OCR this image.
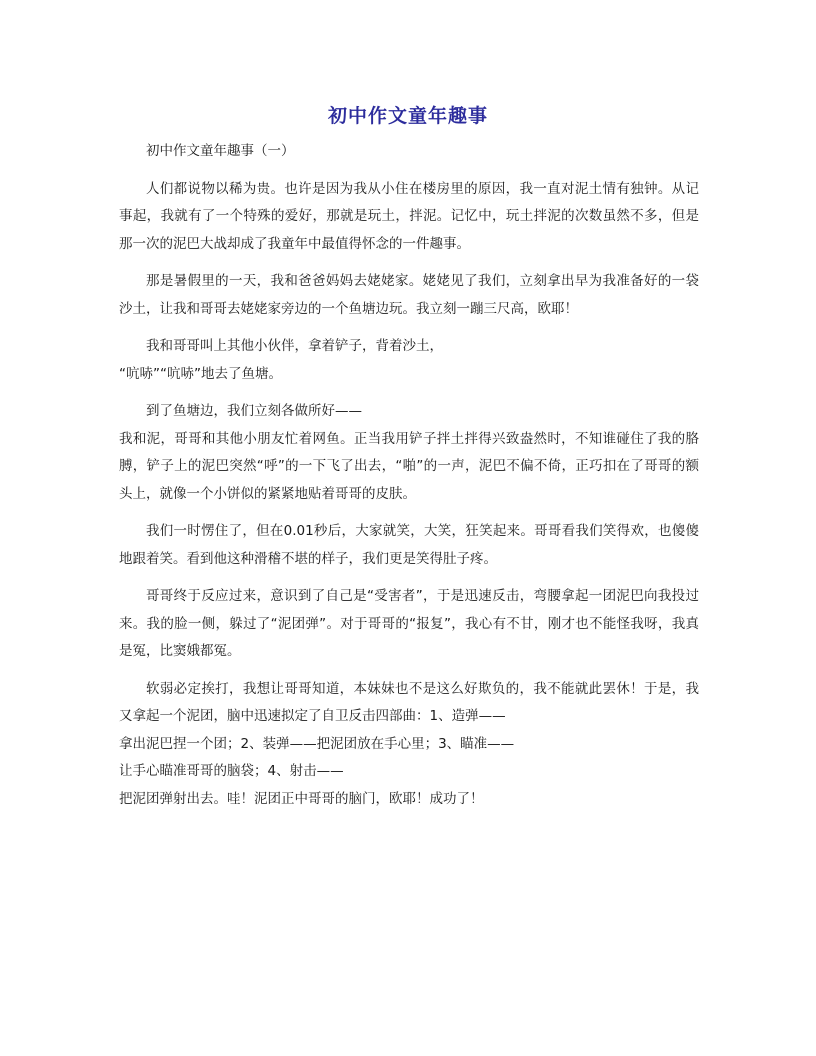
初中作文童年趣事

初中作文童年趣事（一）

人们都说物以稀为贵。也许是因为我从小住在楼房里的原因，我一直对泥土情有独钟。从记事起，我就有了一个特殊的爱好，那就是玩土，拌泥。记忆中，玩土拌泥的次数虽然不多，但是那一次的泥巴大战却成了我童年中最值得怀念的一件趣事。

那是暑假里的一天，我和爸爸妈妈去姥姥家。姥姥见了我们，立刻拿出早为我准备好的一袋沙土，让我和哥哥去姥姥家旁边的一个鱼塘边玩。我立刻一蹦三尺高，欧耶！

我和哥哥叫上其他小伙伴，拿着铲子，背着沙土，

“吭哧”“吭哧”地去了鱼塘。

到了鱼塘边，我们立刻各做所好——

我和泥，哥哥和其他小朋友忙着网鱼。正当我用铲子拌土拌得兴致盎然时，不知谁碰住了我的胳膊，铲子上的泥巴突然“呼”的一下飞了出去，“啪”的一声，泥巴不偏不倚，正巧扣在了哥哥的额头上，就像一个小饼似的紧紧地贴着哥哥的皮肤。

我们一时愣住了，但在0.01秒后，大家就笑，大笑，狂笑起来。哥哥看我们笑得欢，也傻傻地跟着笑。看到他这种滑稽不堪的样子，我们更是笑得肚子疼。

哥哥终于反应过来，意识到了自己是“受害者”，于是迅速反击，弯腰拿起一团泥巴向我投过来。我的脸一侧，躲过了“泥团弹”。对于哥哥的“报复”，我心有不甘，刚才也不能怪我呀，我真是冤，比窦娥都冤。

软弱必定挨打，我想让哥哥知道，本妹妹也不是这么好欺负的，我不能就此罢休！于是，我又拿起一个泥团，脑中迅速拟定了自卫反击四部曲：1、造弹——

拿出泥巴捏一个团；2、装弹——把泥团放在手心里；3、瞄准——

让手心瞄准哥哥的脑袋；4、射击——

把泥团弹射出去。哇！泥团正中哥哥的脑门，欧耶！成功了！
